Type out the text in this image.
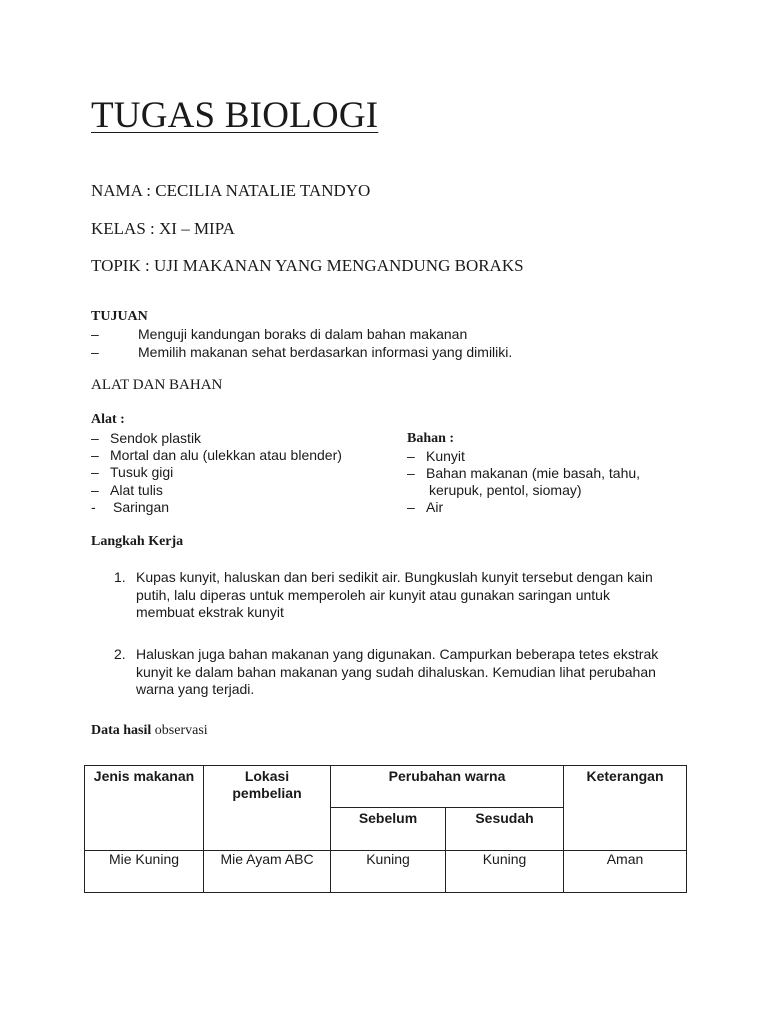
TUGAS BIOLOGI

NAMA : CECILIA NATALIE TANDYO

KELAS : XI – MIPA

TOPIK : UJI MAKANAN YANG MENGANDUNG BORAKS

TUJUAN

–	Menguji kandungan boraks di dalam bahan makanan

–	Memilih makanan sehat berdasarkan informasi yang dimiliki.

ALAT DAN BAHAN

Alat :

– Sendok plastik

– Mortal dan alu (ulekkan atau blender)

– Tusuk gigi

– Alat tulis

- Saringan

Bahan :

– Kunyit

– Bahan makanan (mie basah, tahu,

kerupuk, pentol, siomay)

– Air

Langkah Kerja

1. Kupas kunyit, haluskan dan beri sedikit air. Bungkuslah kunyit tersebut dengan kain putih, lalu diperas untuk memperoleh air kunyit atau gunakan saringan untuk membuat ekstrak kunyit

2. Haluskan juga bahan makanan yang digunakan. Campurkan beberapa tetes ekstrak kunyit ke dalam bahan makanan yang sudah dihaluskan. Kemudian lihat perubahan warna yang terjadi.

Data hasil observasi

Jenis makanan	Lokasi pembelian	Perubahan warna		Keterangan
		Sebelum	Sesudah	
Mie Kuning	Mie Ayam ABC	Kuning	Kuning	Aman
